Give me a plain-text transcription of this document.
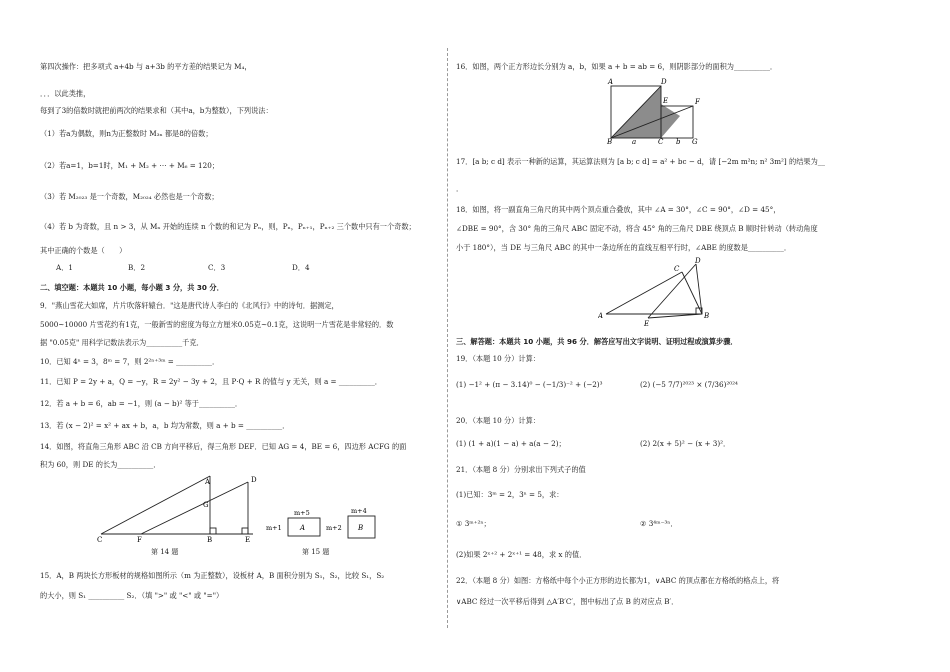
第四次操作：把多项式 a+4b 与 a+3b 的平方差的结果记为 M₄，
．．．以此类推，
每到了3的倍数时就把前两次的结果求和（其中a，b为整数），下列说法：
（1）若a为偶数，则n为正整数时 M₃ₙ 都是8的倍数；
（2）若a=1，b=1时，M₁ + M₂ + ⋯ + M₆ = 120；
（3）若 M₂₀₂₃ 是一个奇数，M₂₀₂₄ 必然也是一个奇数；
（4）若 b 为奇数，且 n > 3，从 Mₙ 开始的连续 n 个数的和记为 Pₙ，则，Pₙ，Pₙ₊₁，Pₙ₊₂ 三个数中只有一个奇数；
其中正确的个数是（　　）
A．1	B．2	C．3	D．4
二、填空题：本题共 10 小题，每小题 3 分，共 30 分．
9．"燕山雪花大如席，片片吹落轩辕台．"这是唐代诗人李白的《北风行》中的诗句．据测定，
5000~10000 片雪花约有1克，一般新雪的密度为每立方厘米0.05克~0.1克，这说明一片雪花是非常轻的．数
据 "0.05克" 用科学记数法表示为__________千克．
10．已知 4ⁿ = 3，8ᵐ = 7，则 2²ⁿ⁺³ᵐ = __________．
11．已知 P = 2y + a，Q = −y，R = 2y² − 3y + 2，且 P·Q + R 的值与 y 无关，则 a = __________．
12．若 a + b = 6，ab = −1，则 (a − b)² 等于__________．
13．若 (x − 2)² = x² + ax + b，a，b 均为常数，则 a + b = __________．
14．如图，将直角三角形 ABC 沿 CB 方向平移后，得三角形 DEF．已知 AG = 4，BE = 6，四边形 ACFG 的面
积为 60，则 DE 的长为__________．
A	D
G
C	F	B	E
第 14 题
A	B
m+5
m+1
m+4
m+2
第 15 题
15．A，B 两块长方形板材的规格如图所示（m 为正整数），设板材 A，B 面积分别为 S₁，S₂，比较 S₁，S₂
的大小，则 S₁ __________ S₂．（填 ">" 或 "<" 或 "="）
16．如图，两个正方形边长分别为 a，b，如果 a + b = ab = 6，则阴影部分的面积为__________．
A	D
E	F
B	a	C b G
17．[a b; c d] 表示一种新的运算，其运算法则为 [a b; c d] = a² + bc − d，请 [−2m m²n; n² 3m²] 的结果为__
．
18．如图，将一副直角三角尺的其中两个顶点重合叠放，其中 ∠A = 30°，∠C = 90°，∠D = 45°，
∠DBE = 90°，含 30° 角的三角尺 ABC 固定不动，将含 45° 角的三角尺 DBE 绕顶点 B 顺时针转动（转动角度
小于 180°），当 DE 与三角尺 ABC 的其中一条边所在的直线互相平行时，∠ABE 的度数是__________．
A	B
C
D
E
三、解答题：本题共 10 小题，共 96 分．解答应写出文字说明、证明过程或演算步骤．
19．（本题 10 分）计算：
(1) −1² + (π − 3.14)⁰ − (−1/3)⁻² + (−2)³	(2) (−5 7/7)²⁰²³ × (7/36)²⁰²⁴
20．（本题 10 分）计算：
(1) (1 + a)(1 − a) + a(a − 2)；	(2) 2(x + 5)² − (x + 3)²．
21．（本题 8 分）分别求出下列式子的值
(1)已知：3ᵐ = 2，3ⁿ = 5，求：
① 3ᵐ⁺²ⁿ；	② 3⁴ᵐ⁻³ⁿ．
(2)如果 2ˣ⁺² + 2ˣ⁺¹ = 48，求 x 的值．
22．（本题 8 分）如图：方格纸中每个小正方形的边长都为1，∨ABC 的顶点都在方格纸的格点上，将
∨ABC 经过一次平移后得到 △A′B′C′，图中标出了点 B 的对应点 B′．
